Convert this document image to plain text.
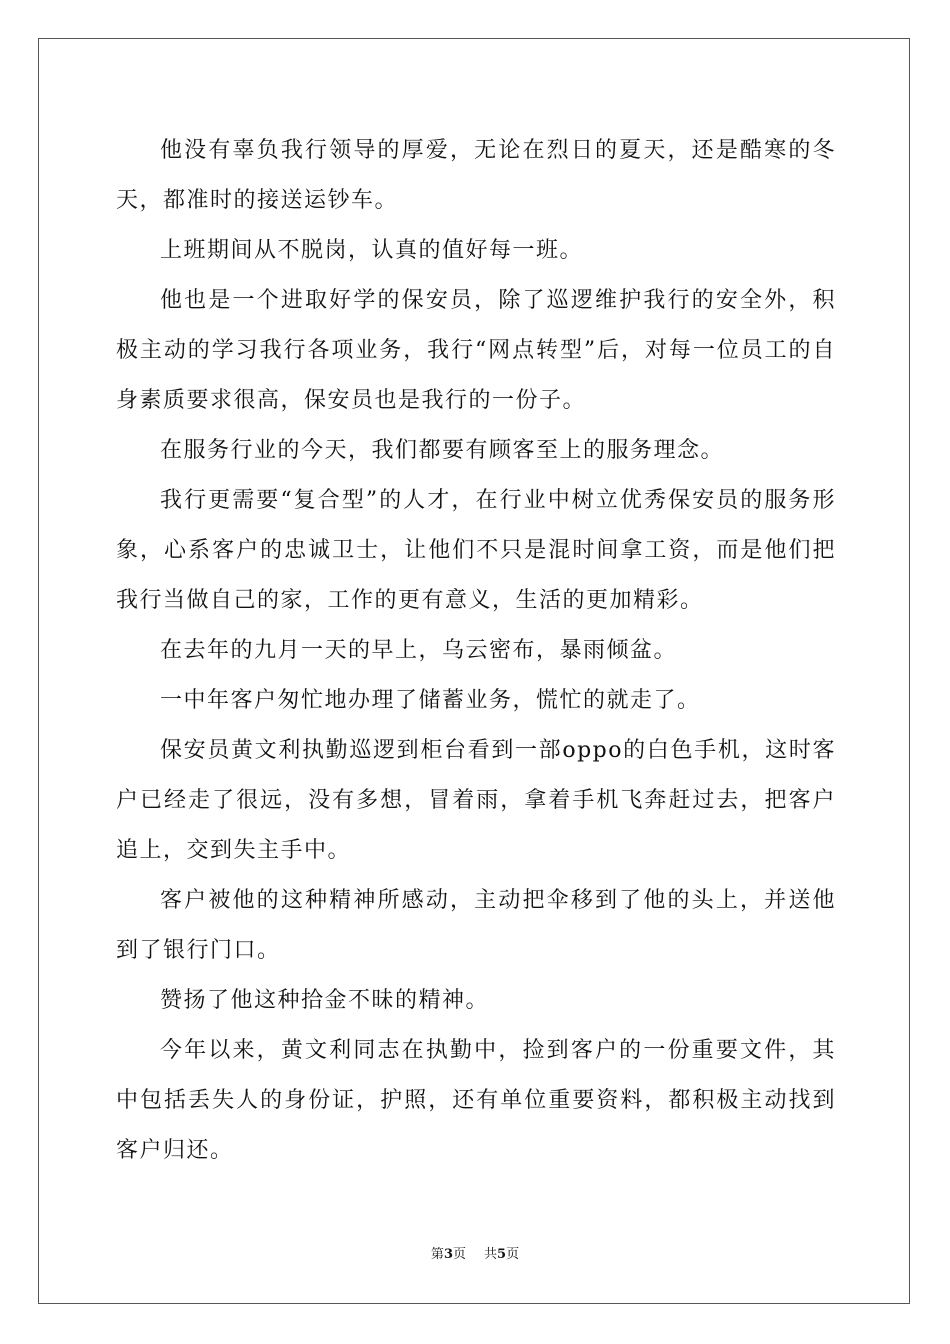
他没有辜负我行领导的厚爱，无论在烈日的夏天，还是酷寒的冬天，都准时的接送运钞车。

上班期间从不脱岗，认真的值好每一班。

他也是一个进取好学的保安员，除了巡逻维护我行的安全外，积极主动的学习我行各项业务，我行“网点转型”后，对每一位员工的自身素质要求很高，保安员也是我行的一份子。

在服务行业的今天，我们都要有顾客至上的服务理念。

我行更需要“复合型”的人才，在行业中树立优秀保安员的服务形象，心系客户的忠诚卫士，让他们不只是混时间拿工资，而是他们把我行当做自己的家，工作的更有意义，生活的更加精彩。

在去年的九月一天的早上，乌云密布，暴雨倾盆。

一中年客户匆忙地办理了储蓄业务，慌忙的就走了。

保安员黄文利执勤巡逻到柜台看到一部oppo的白色手机，这时客户已经走了很远，没有多想，冒着雨，拿着手机飞奔赶过去，把客户追上，交到失主手中。

客户被他的这种精神所感动，主动把伞移到了他的头上，并送他到了银行门口。

赞扬了他这种拾金不昧的精神。

今年以来，黄文利同志在执勤中，捡到客户的一份重要文件，其中包括丢失人的身份证，护照，还有单位重要资料，都积极主动找到客户归还。

第3页 共5页
